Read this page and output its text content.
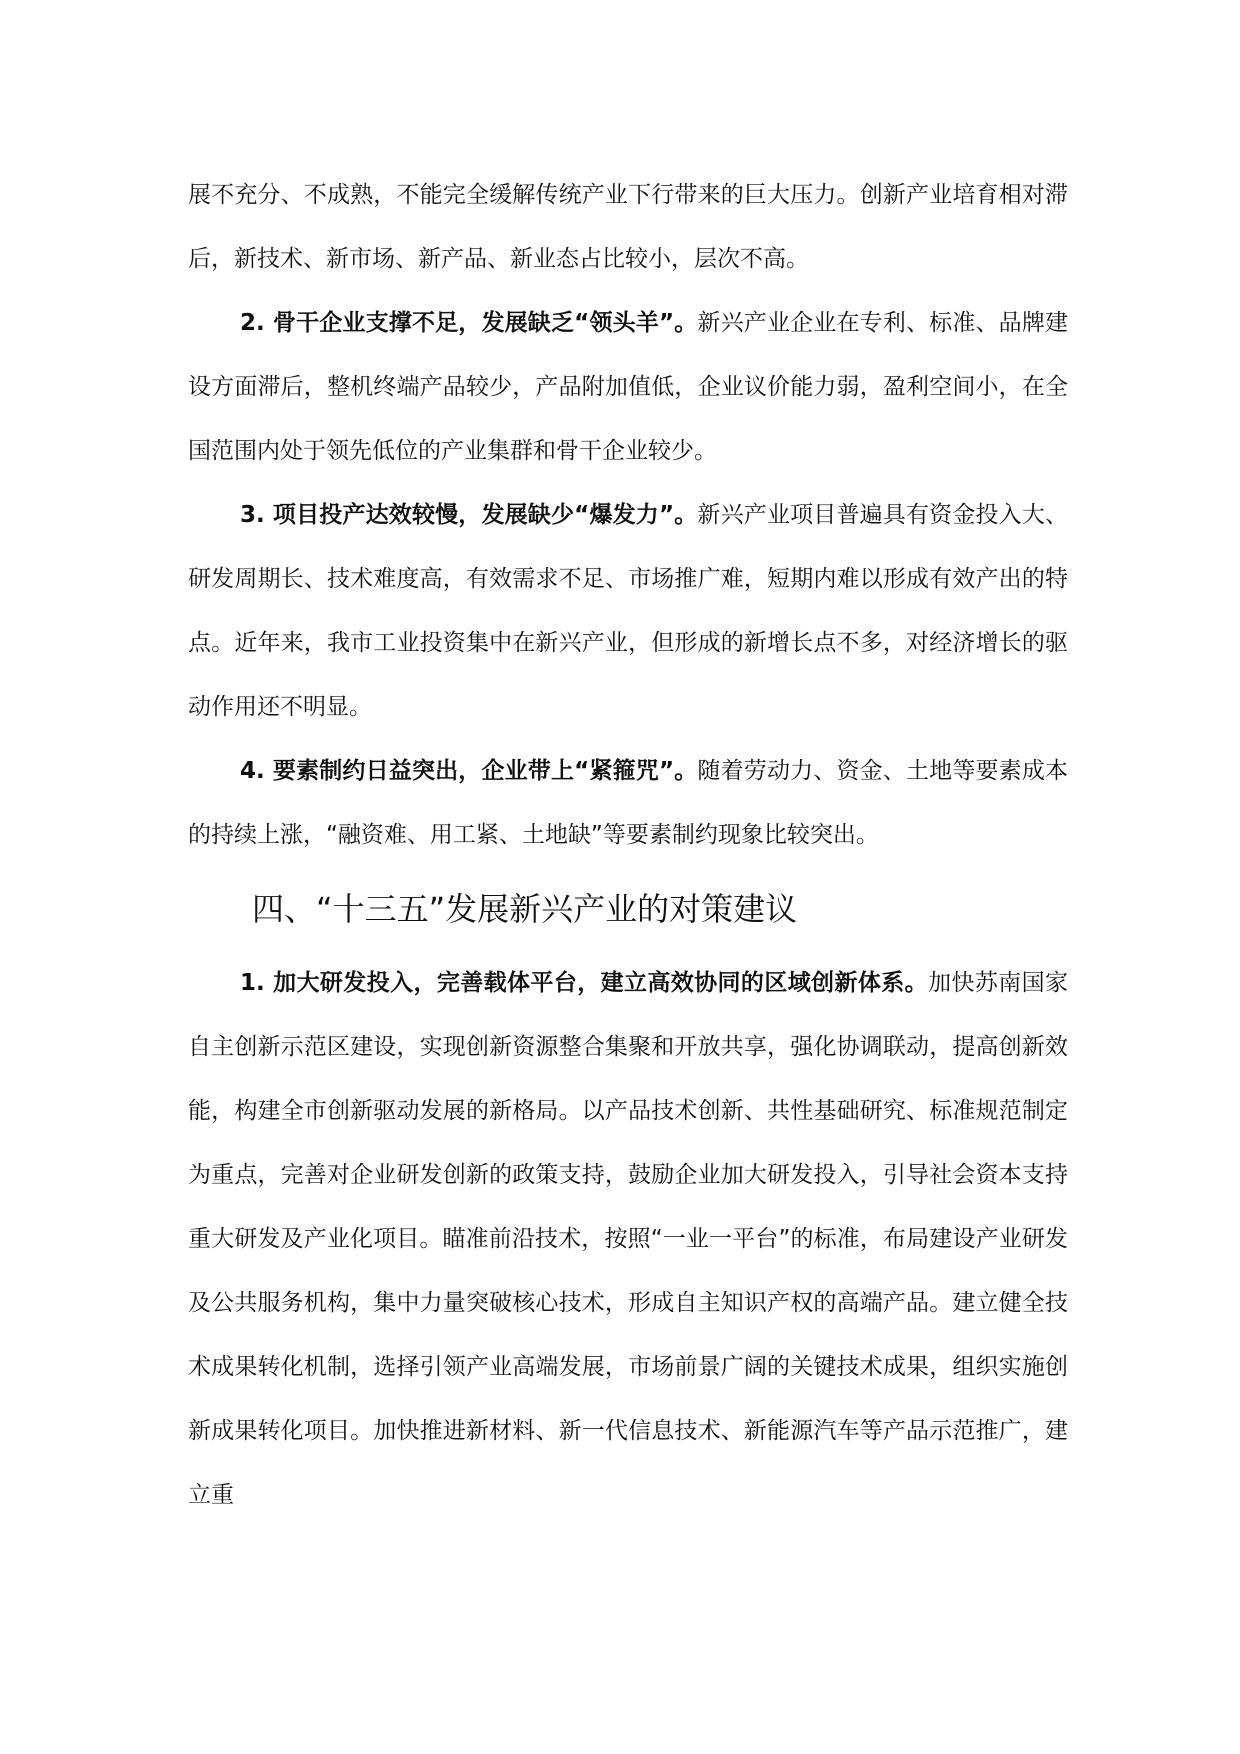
展不充分、不成熟，不能完全缓解传统产业下行带来的巨大压力。创新产业培育相对滞后，新技术、新市场、新产品、新业态占比较小，层次不高。

2. 骨干企业支撑不足，发展缺乏“领头羊”。新兴产业企业在专利、标准、品牌建设方面滞后，整机终端产品较少，产品附加值低，企业议价能力弱，盈利空间小，在全国范围内处于领先低位的产业集群和骨干企业较少。

3. 项目投产达效较慢，发展缺少“爆发力”。新兴产业项目普遍具有资金投入大、研发周期长、技术难度高，有效需求不足、市场推广难，短期内难以形成有效产出的特点。近年来，我市工业投资集中在新兴产业，但形成的新增长点不多，对经济增长的驱动作用还不明显。

4. 要素制约日益突出，企业带上“紧箍咒”。随着劳动力、资金、土地等要素成本的持续上涨，“融资难、用工紧、土地缺”等要素制约现象比较突出。

四、“十三五”发展新兴产业的对策建议

1. 加大研发投入，完善载体平台，建立高效协同的区域创新体系。加快苏南国家自主创新示范区建设，实现创新资源整合集聚和开放共享，强化协调联动，提高创新效能，构建全市创新驱动发展的新格局。以产品技术创新、共性基础研究、标准规范制定为重点，完善对企业研发创新的政策支持，鼓励企业加大研发投入，引导社会资本支持重大研发及产业化项目。瞄准前沿技术，按照“一业一平台”的标准，布局建设产业研发及公共服务机构，集中力量突破核心技术，形成自主知识产权的高端产品。建立健全技术成果转化机制，选择引领产业高端发展，市场前景广阔的关键技术成果，组织实施创新成果转化项目。加快推进新材料、新一代信息技术、新能源汽车等产品示范推广，建立重
